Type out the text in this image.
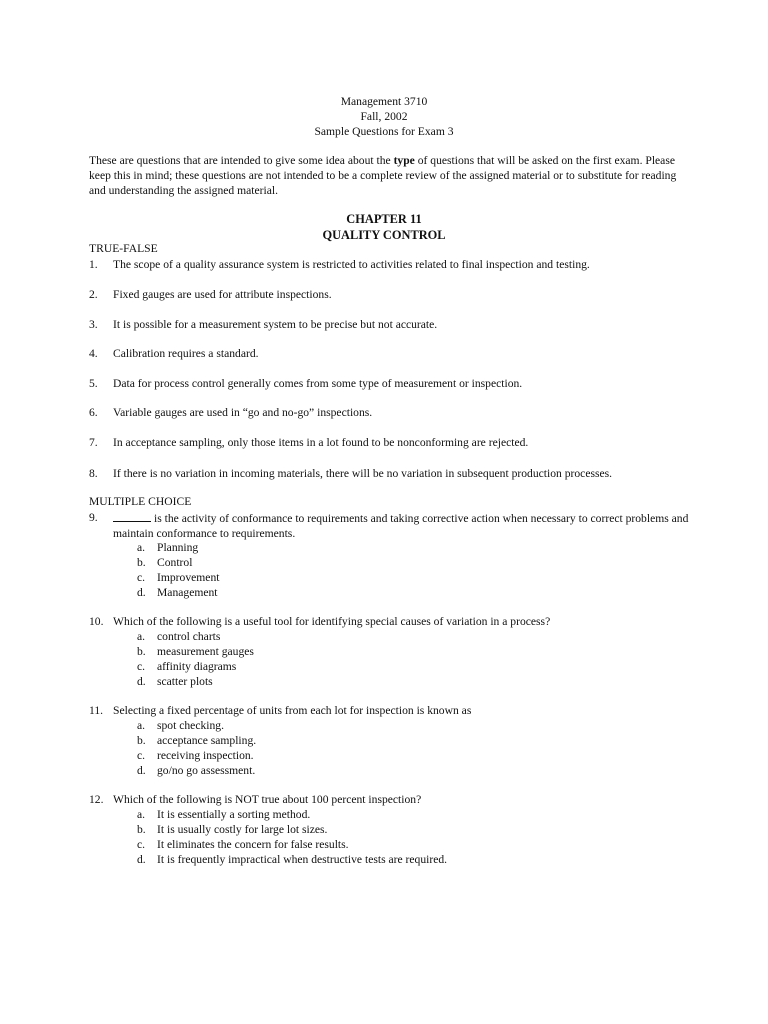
Management 3710
Fall, 2002
Sample Questions for Exam 3
These are questions that are intended to give some idea about the type of questions that will be asked on the first exam. Please keep this in mind; these questions are not intended to be a complete review of the assigned material or to substitute for reading and understanding the assigned material.
CHAPTER 11
QUALITY CONTROL
TRUE-FALSE
1. The scope of a quality assurance system is restricted to activities related to final inspection and testing.
2. Fixed gauges are used for attribute inspections.
3. It is possible for a measurement system to be precise but not accurate.
4. Calibration requires a standard.
5. Data for process control generally comes from some type of measurement or inspection.
6. Variable gauges are used in “go and no-go” inspections.
7. In acceptance sampling, only those items in a lot found to be nonconforming are rejected.
8. If there is no variation in incoming materials, there will be no variation in subsequent production processes.
MULTIPLE CHOICE
9.	is the activity of conformance to requirements and taking corrective action when necessary to correct problems and maintain conformance to requirements.
a. Planning
b. Control
c. Improvement
d. Management
10. Which of the following is a useful tool for identifying special causes of variation in a process?
a. control charts
b. measurement gauges
c. affinity diagrams
d. scatter plots
11. Selecting a fixed percentage of units from each lot for inspection is known as
a. spot checking.
b. acceptance sampling.
c. receiving inspection.
d. go/no go assessment.
12. Which of the following is NOT true about 100 percent inspection?
a. It is essentially a sorting method.
b. It is usually costly for large lot sizes.
c. It eliminates the concern for false results.
d. It is frequently impractical when destructive tests are required.
